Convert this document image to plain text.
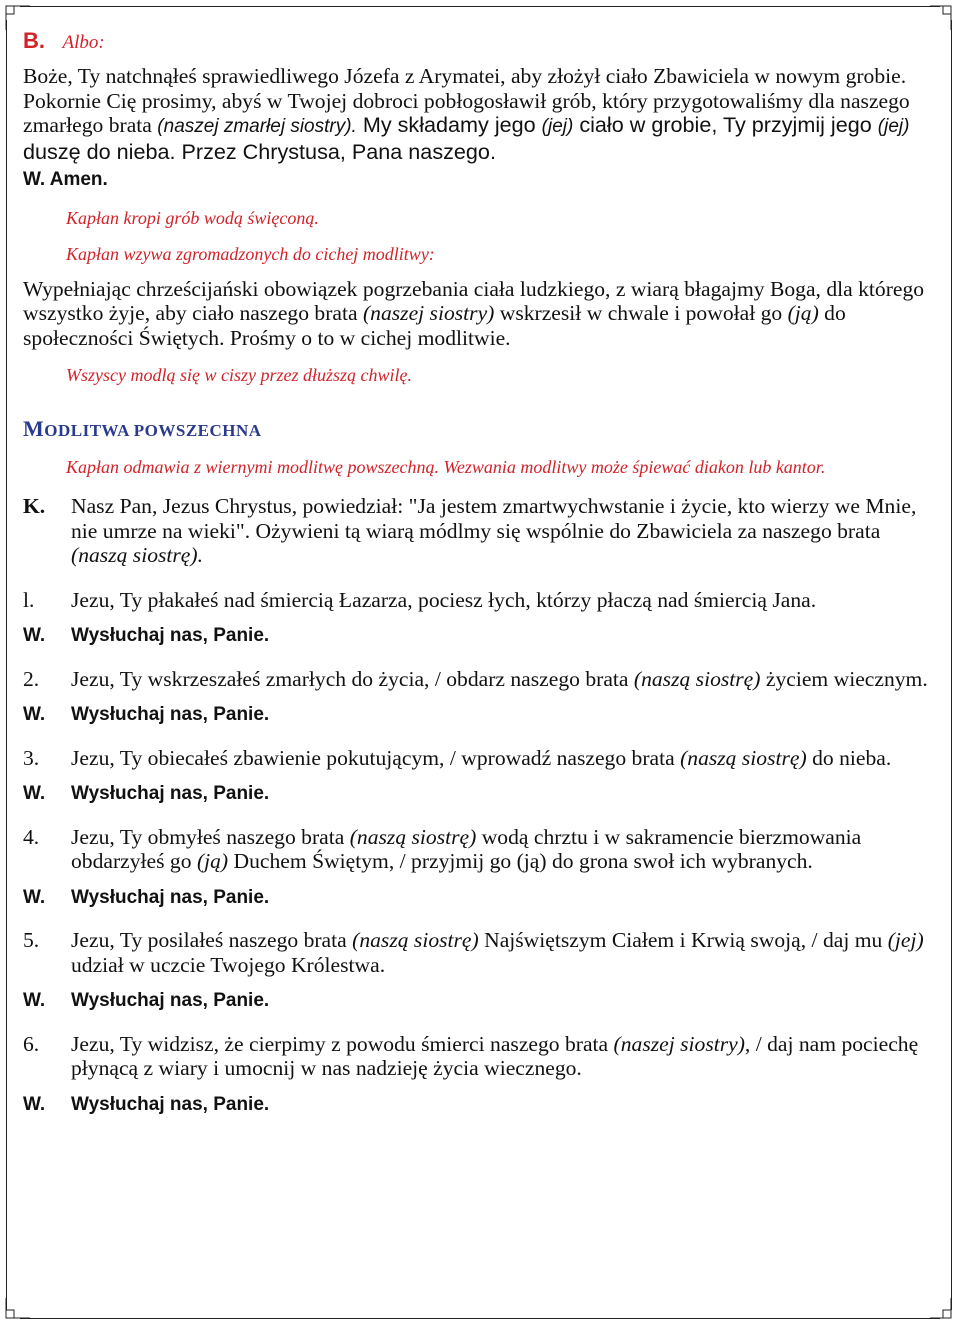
B. Albo:
Boże, Ty natchnąłeś sprawiedliwego Józefa z Arymatei, aby złożył ciało Zbawiciela w nowym grobie. Pokornie Cię prosimy, abyś w Twojej dobroci pobłogosławił grób, który przygotowaliśmy dla naszego zmarłego brata (naszej zmarłej siostry). My składamy jego (jej) ciało w grobie, Ty przyjmij jego (jej) duszę do nieba. Przez Chrystusa, Pana naszego.
W. Amen.
Kapłan kropi grób wodą święconą.
Kapłan wzywa zgromadzonych do cichej modlitwy:
Wypełniając chrześcijański obowiązek pogrzebania ciała ludzkiego, z wiarą błagajmy Boga, dla którego wszystko żyje, aby ciało naszego brata (naszej siostry) wskrzesił w chwale i powołał go (ją) do społeczności Świętych. Prośmy o to w cichej modlitwie.
Wszyscy modlą się w ciszy przez dłuższą chwilę.
MODLITWA POWSZECHNA
Kapłan odmawia z wiernymi modlitwę powszechną. Wezwania modlitwy może śpiewać diakon lub kantor.
K.	Nasz Pan, Jezus Chrystus, powiedział: "Ja jestem zmartwychwstanie i życie, kto wierzy we Mnie, nie umrze na wieki". Ożywieni tą wiarą módlmy się wspólnie do Zbawiciela za naszego brata (naszą siostrę).
l.	Jezu, Ty płakałeś nad śmiercią Łazarza, pociesz łych, którzy płaczą nad śmiercią Jana.
W.	Wysłuchaj nas, Panie.
2.	Jezu, Ty wskrzeszałeś zmarłych do życia, / obdarz naszego brata (naszą siostrę) życiem wiecznym.
W.	Wysłuchaj nas, Panie.
3.	Jezu, Ty obiecałeś zbawienie pokutującym, / wprowadź naszego brata (naszą siostrę) do nieba.
W.	Wysłuchaj nas, Panie.
4.	Jezu, Ty obmyłeś naszego brata (naszą siostrę) wodą chrztu i w sakramencie bierzmowania obdarzyłeś go (ją) Duchem Świętym, / przyjmij go (ją) do grona swoł ich wybranych.
W.	Wysłuchaj nas, Panie.
5.	Jezu, Ty posilałeś naszego brata (naszą siostrę) Najświętszym Ciałem i Krwią swoją, / daj mu (jej) udział w uczcie Twojego Królestwa.
W.	Wysłuchaj nas, Panie.
6.	Jezu, Ty widzisz, że cierpimy z powodu śmierci naszego brata (naszej siostry), / daj nam pociechę płynącą z wiary i umocnij w nas nadzieję życia wiecznego.
W.	Wysłuchaj nas, Panie.
